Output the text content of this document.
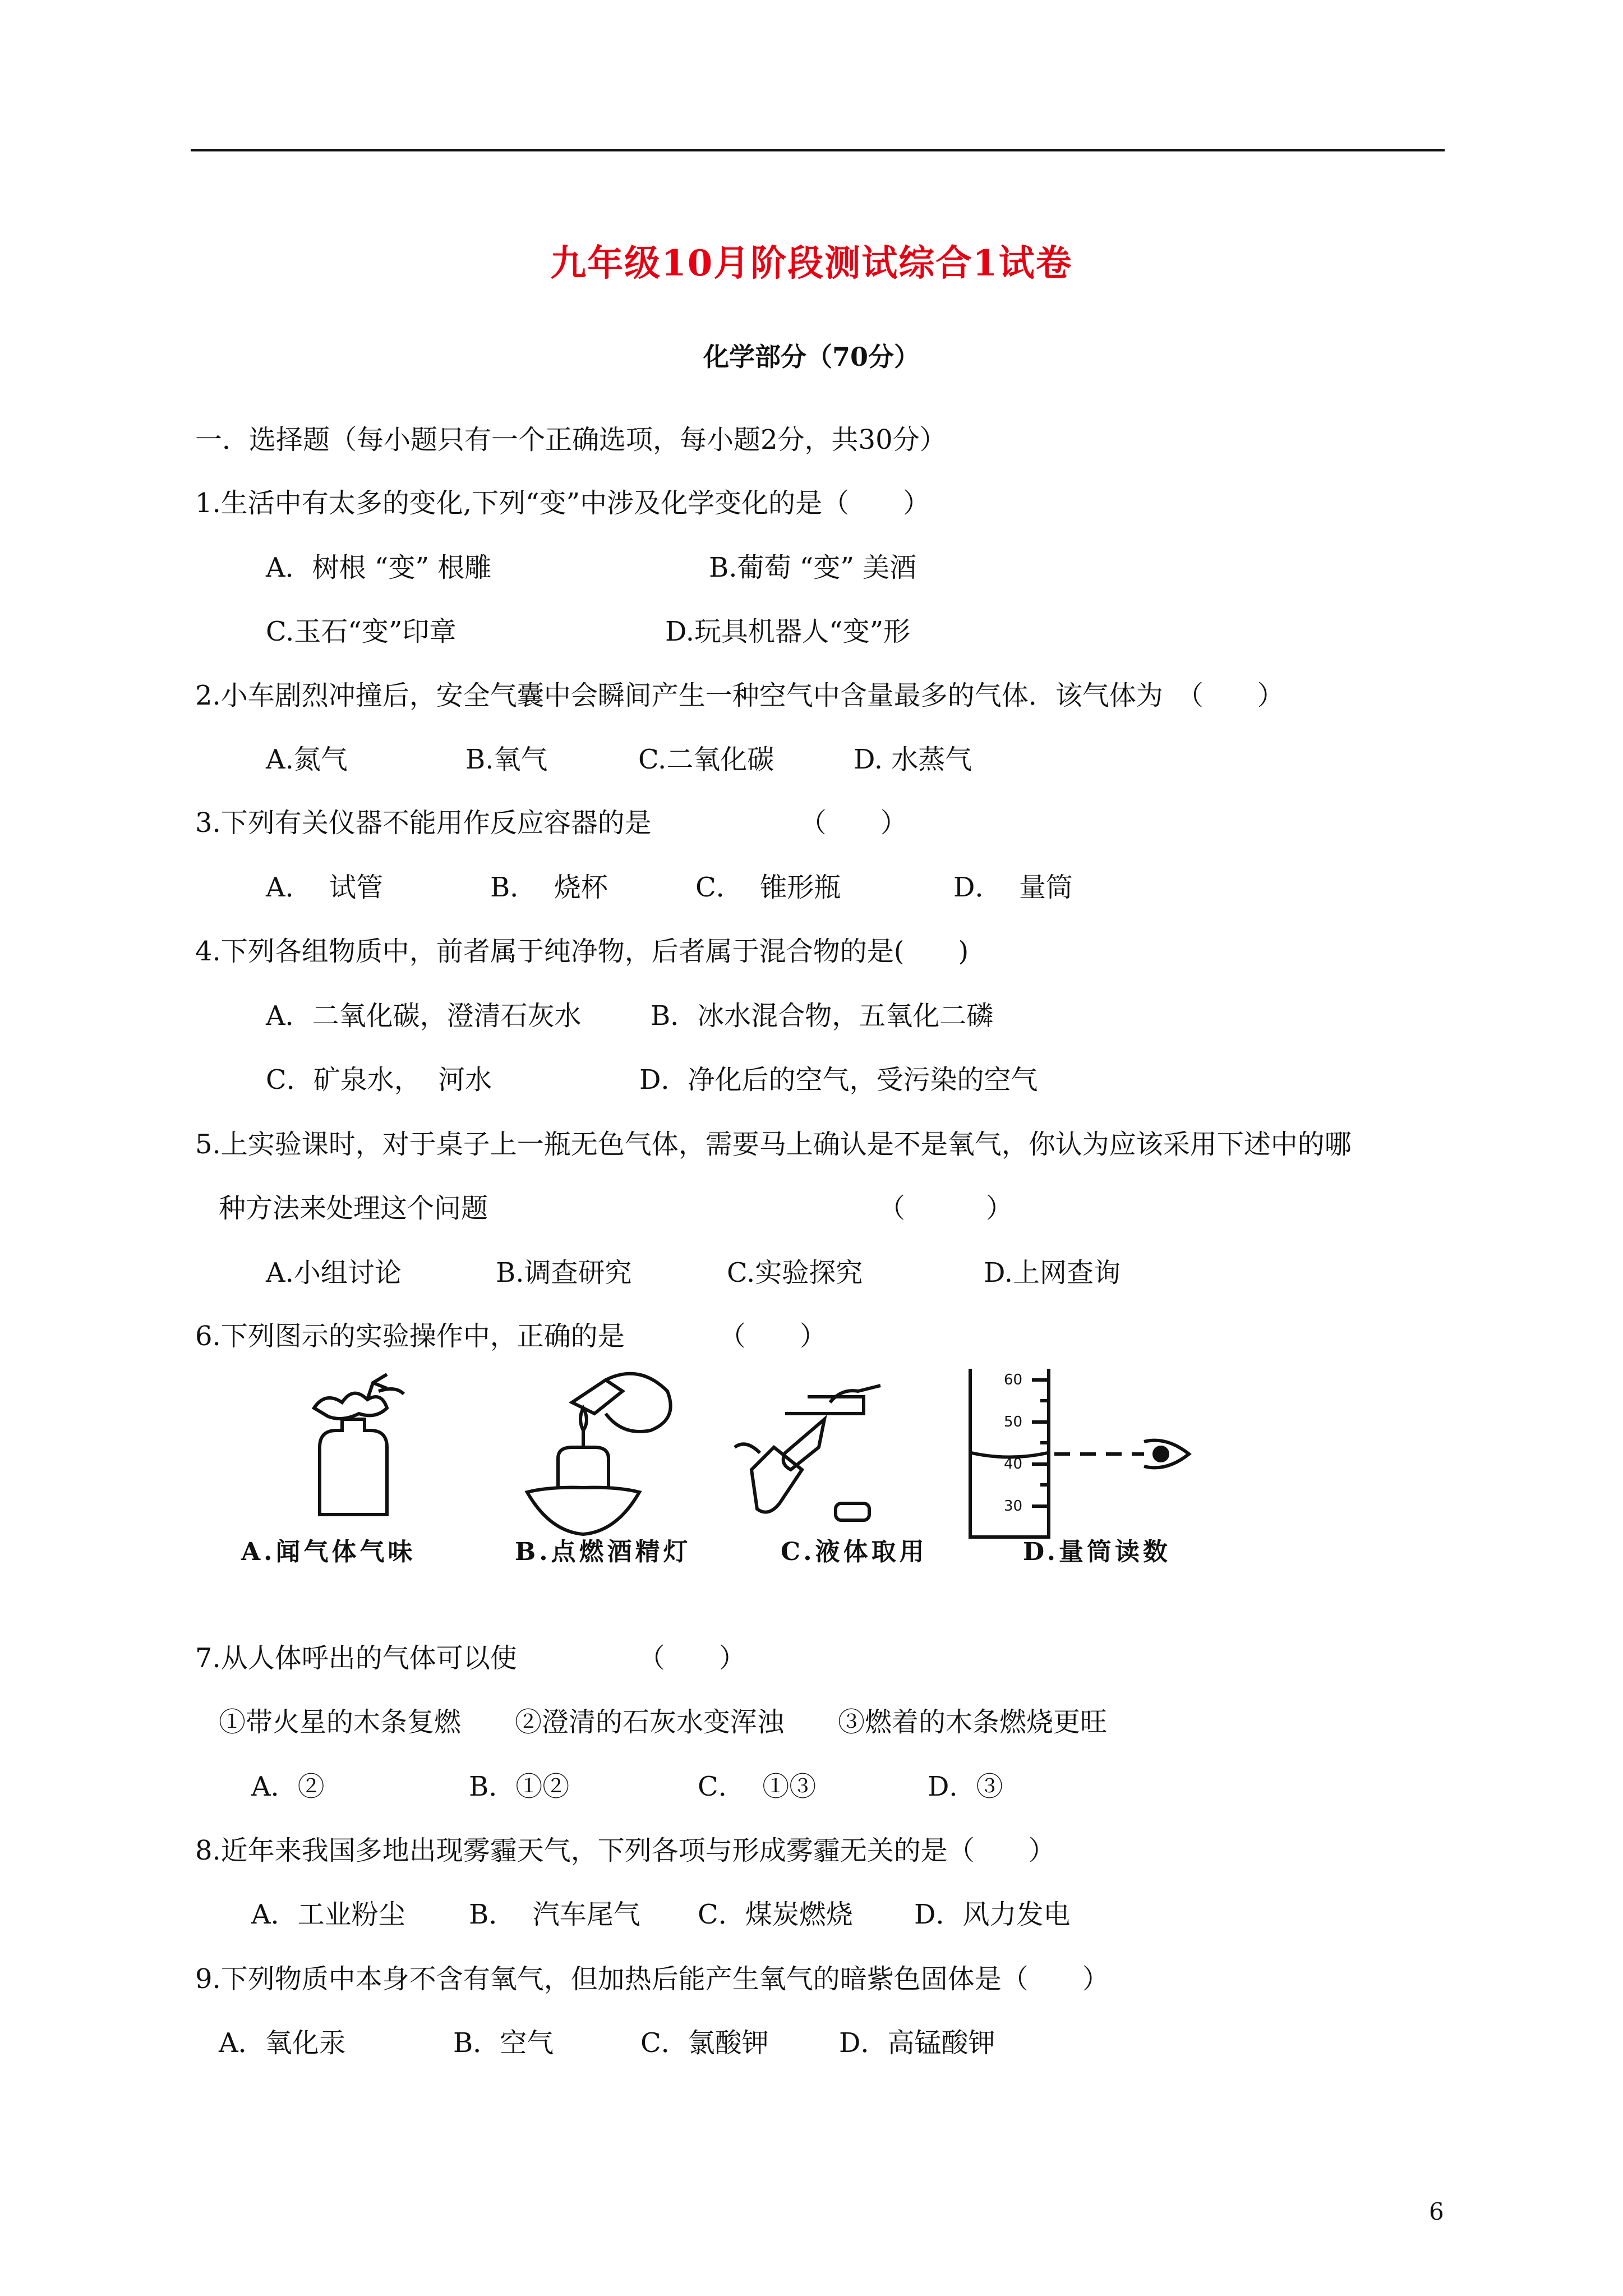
九年级10月阶段测试综合1试卷
化学部分（70分）
一．选择题（每小题只有一个正确选项，每小题2分，共30分）
1.生活中有太多的变化,下列“变”中涉及化学变化的是（　　）
A．树根 “变” 根雕	B.葡萄 “变” 美酒
C.玉石“变”印章	D.玩具机器人“变”形
2.小车剧烈冲撞后，安全气囊中会瞬间产生一种空气中含量最多的气体．该气体为　（　　）
A.氮气	B.氧气	C.二氧化碳	D. 水蒸气
3.下列有关仪器不能用作反应容器的是　　　　　　（　　）
A．  试管	B．  烧杯	C．  锥形瓶	D．  量筒
4.下列各组物质中，前者属于纯净物，后者属于混合物的是(　　)
A．二氧化碳，澄清石灰水	B．冰水混合物，五氧化二磷
C．矿泉水，  河水	D．净化后的空气，受污染的空气
5.上实验课时，对于桌子上一瓶无色气体，需要马上确认是不是氧气，你认为应该采用下述中的哪
种方法来处理这个问题　　　　　　　　　　　　　　　（　　　）
A.小组讨论	B.调查研究	C.实验探究	D.上网查询
6.下列图示的实验操作中，正确的是　　　　（　　）
60
50
40
30
A.闻气体气味	B.点燃酒精灯	C.液体取用	D.量筒读数
7.从人体呼出的气体可以使　　　　　（　　）
①带火星的木条复燃　　②澄清的石灰水变浑浊　　③燃着的木条燃烧更旺
A．②	B．①②	C．  ①③	D．③
8.近年来我国多地出现雾霾天气，下列各项与形成雾霾无关的是（　　）
A．工业粉尘 B．  汽车尾气 C．煤炭燃烧 D．风力发电
9.下列物质中本身不含有氧气，但加热后能产生氧气的暗紫色固体是（　　）
A．氧化汞	B．空气	C．氯酸钾	D．高锰酸钾
6
